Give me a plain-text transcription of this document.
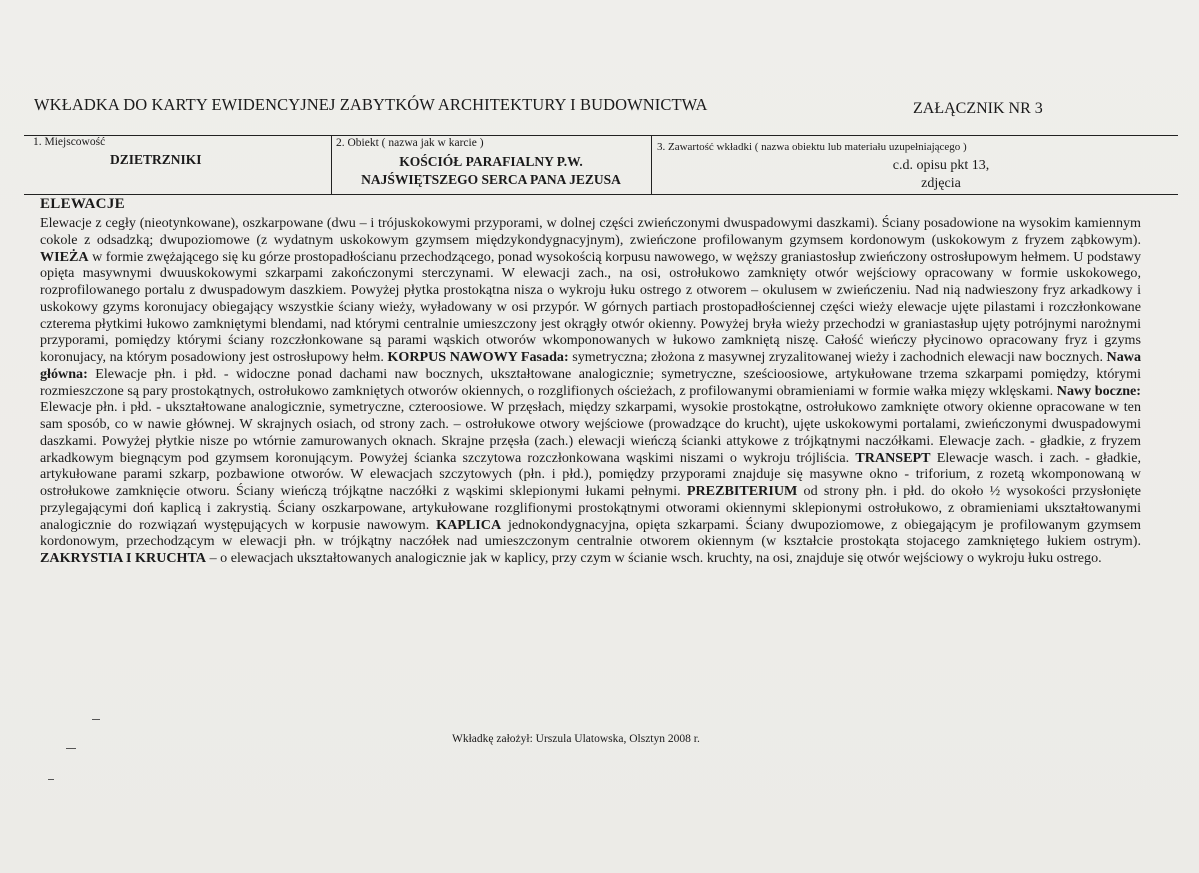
WKŁADKA DO KARTY EWIDENCYJNEJ ZABYTKÓW ARCHITEKTURY I BUDOWNICTWA	ZAŁĄCZNIK NR 3
1. Miejscowość
DZIETRZNIKI
2. Obiekt ( nazwa jak w karcie )
KOŚCIÓŁ PARAFIALNY P.W.
NAJŚWIĘTSZEGO SERCA PANA JEZUSA
3. Zawartość wkładki ( nazwa obiektu lub materiału uzupełniającego )
c.d. opisu pkt 13,
zdjęcia
ELEWACJE
Elewacje z cegły (nieotynkowane), oszkarpowane (dwu – i trójuskokowymi przyporami, w dolnej części zwieńczonymi dwuspadowymi daszkami). Ściany posadowione na wysokim kamiennym cokole z odsadzką; dwupoziomowe (z wydatnym uskokowym gzymsem międzykondygnacyjnym), zwieńczone profilowanym gzymsem kordonowym (uskokowym z fryzem ząbkowym). WIEŻA w formie zwężającego się ku górze prostopadłościanu przechodzącego, ponad wysokością korpusu nawowego, w węższy graniastosłup zwieńczony ostrosłupowym hełmem. U podstawy opięta masywnymi dwuuskokowymi szkarpami zakończonymi sterczynami. W elewacji zach., na osi, ostrołukowo zamknięty otwór wejściowy opracowany w formie uskokowego, rozprofilowanego portalu z dwuspadowym daszkiem. Powyżej płytka prostokątna nisza o wykroju łuku ostrego z otworem – okulusem w zwieńczeniu. Nad nią nadwieszony fryz arkadkowy i uskokowy gzyms koronujacy obiegający wszystkie ściany wieży, wyładowany w osi przypór. W górnych partiach prostopadłościennej części wieży elewacje ujęte pilastami i rozczłonkowane czterema płytkimi łukowo zamkniętymi blendami, nad którymi centralnie umieszczony jest okrągły otwór okienny. Powyżej bryła wieży przechodzi w graniastasłup ujęty potrójnymi narożnymi przyporami, pomiędzy którymi ściany rozczłonkowane są parami wąskich otworów wkomponowanych w łukowo zamkniętą niszę. Całość wieńczy płycinowo opracowany fryz i gzyms koronujacy, na którym posadowiony jest ostrosłupowy hełm. KORPUS NAWOWY Fasada: symetryczna; złożona z masywnej zryzalitowanej wieży i zachodnich elewacji naw bocznych. Nawa główna: Elewacje płn. i płd. - widoczne ponad dachami naw bocznych, ukształtowane analogicznie; symetryczne, sześcioosiowe, artykułowane trzema szkarpami pomiędzy, którymi rozmieszczone są pary prostokątnych, ostrołukowo zamkniętych otworów okiennych, o rozglifionych ościeżach, z profilowanymi obramieniami w formie wałka mięzy wklęskami. Nawy boczne: Elewacje płn. i płd. - ukształtowane analogicznie, symetryczne, czteroosiowe. W przęsłach, między szkarpami, wysokie prostokątne, ostrołukowo zamknięte otwory okienne opracowane w ten sam sposób, co w nawie głównej. W skrajnych osiach, od strony zach. – ostrołukowe otwory wejściowe (prowadzące do krucht), ujęte uskokowymi portalami, zwieńczonymi dwuspadowymi daszkami. Powyżej płytkie nisze po wtórnie zamurowanych oknach. Skrajne przęsła (zach.) elewacji wieńczą ścianki attykowe z trójkątnymi naczółkami. Elewacje zach. - gładkie, z fryzem arkadkowym biegnącym pod gzymsem koronującym. Powyżej ścianka szczytowa rozczłonkowana wąskimi niszami o wykroju trójliścia. TRANSEPT Elewacje wasch. i zach. - gładkie, artykułowane parami szkarp, pozbawione otworów. W elewacjach szczytowych (płn. i płd.), pomiędzy przyporami znajduje się masywne okno - triforium, z rozetą wkomponowaną w ostrołukowe zamknięcie otworu. Ściany wieńczą trójkątne naczółki z wąskimi sklepionymi łukami pełnymi. PREZBITERIUM od strony płn. i płd. do około ½ wysokości przysłonięte przylegającymi doń kaplicą i zakrystią. Ściany oszkarpowane, artykułowane rozglifionymi prostokątnymi otworami okiennymi sklepionymi ostrołukowo, z obramieniami ukształtowanymi analogicznie do rozwiązań występujących w korpusie nawowym. KAPLICA jednokondygnacyjna, opięta szkarpami. Ściany dwupoziomowe, z obiegającym je profilowanym gzymsem kordonowym, przechodzącym w elewacji płn. w trójkątny naczółek nad umieszczonym centralnie otworem okiennym (w kształcie prostokąta stojacego zamkniętego łukiem ostrym). ZAKRYSTIA I KRUCHTA – o elewacjach ukształtowanych analogicznie jak w kaplicy, przy czym w ścianie wsch. kruchty, na osi, znajduje się otwór wejściowy o wykroju łuku ostrego.
Wkładkę założył: Urszula Ulatowska, Olsztyn 2008 r.
